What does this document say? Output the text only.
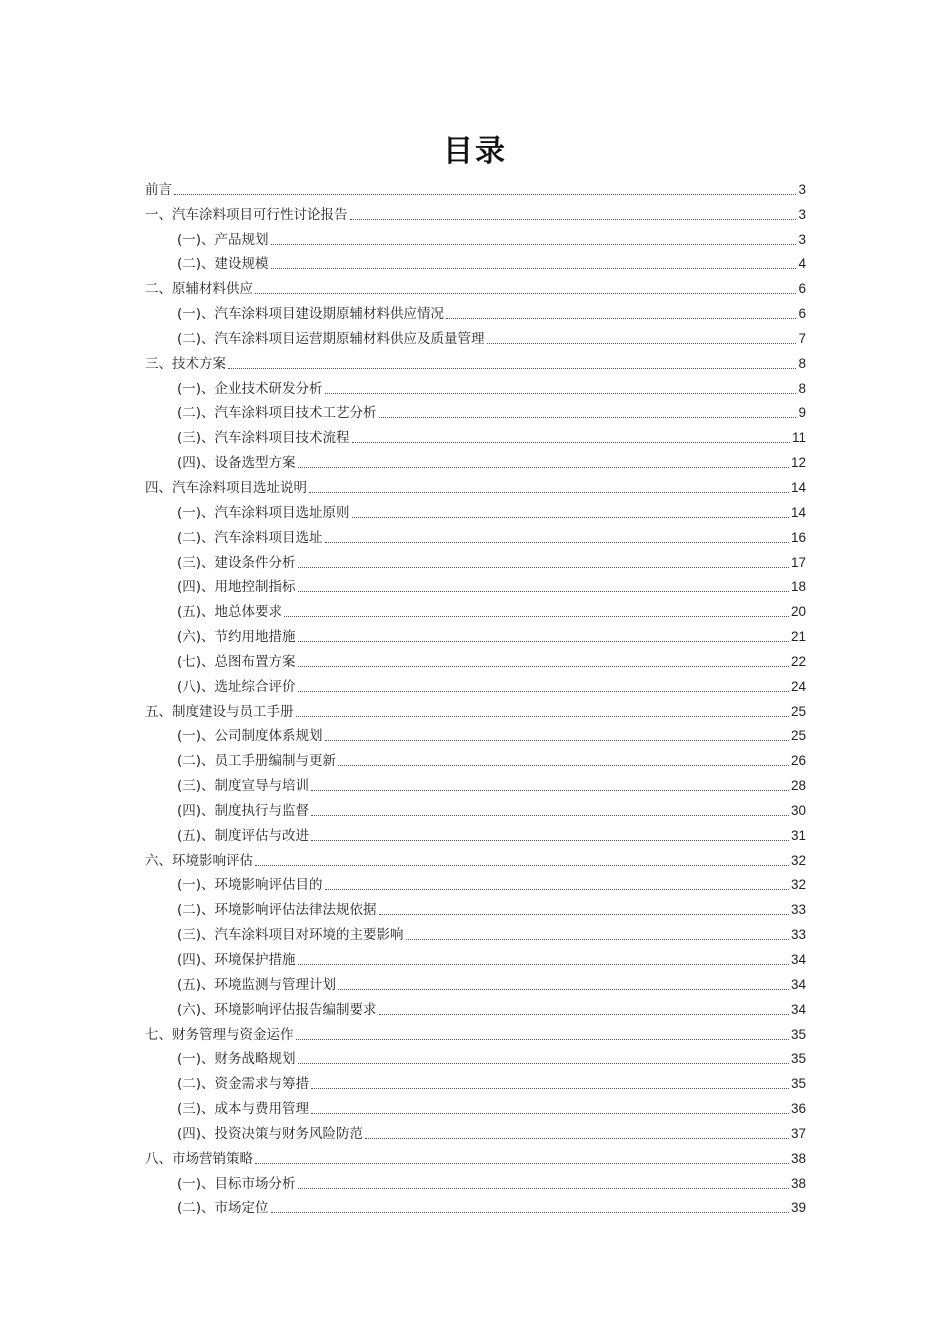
目录
前言	3
一、汽车涂料项目可行性讨论报告	3
(一)、产品规划	3
(二)、建设规模	4
二、原辅材料供应	6
(一)、汽车涂料项目建设期原辅材料供应情况	6
(二)、汽车涂料项目运营期原辅材料供应及质量管理	7
三、技术方案	8
(一)、企业技术研发分析	8
(二)、汽车涂料项目技术工艺分析	9
(三)、汽车涂料项目技术流程	11
(四)、设备选型方案	12
四、汽车涂料项目选址说明	14
(一)、汽车涂料项目选址原则	14
(二)、汽车涂料项目选址	16
(三)、建设条件分析	17
(四)、用地控制指标	18
(五)、地总体要求	20
(六)、节约用地措施	21
(七)、总图布置方案	22
(八)、选址综合评价	24
五、制度建设与员工手册	25
(一)、公司制度体系规划	25
(二)、员工手册编制与更新	26
(三)、制度宣导与培训	28
(四)、制度执行与监督	30
(五)、制度评估与改进	31
六、环境影响评估	32
(一)、环境影响评估目的	32
(二)、环境影响评估法律法规依据	33
(三)、汽车涂料项目对环境的主要影响	33
(四)、环境保护措施	34
(五)、环境监测与管理计划	34
(六)、环境影响评估报告编制要求	34
七、财务管理与资金运作	35
(一)、财务战略规划	35
(二)、资金需求与筹措	35
(三)、成本与费用管理	36
(四)、投资决策与财务风险防范	37
八、市场营销策略	38
(一)、目标市场分析	38
(二)、市场定位	39
